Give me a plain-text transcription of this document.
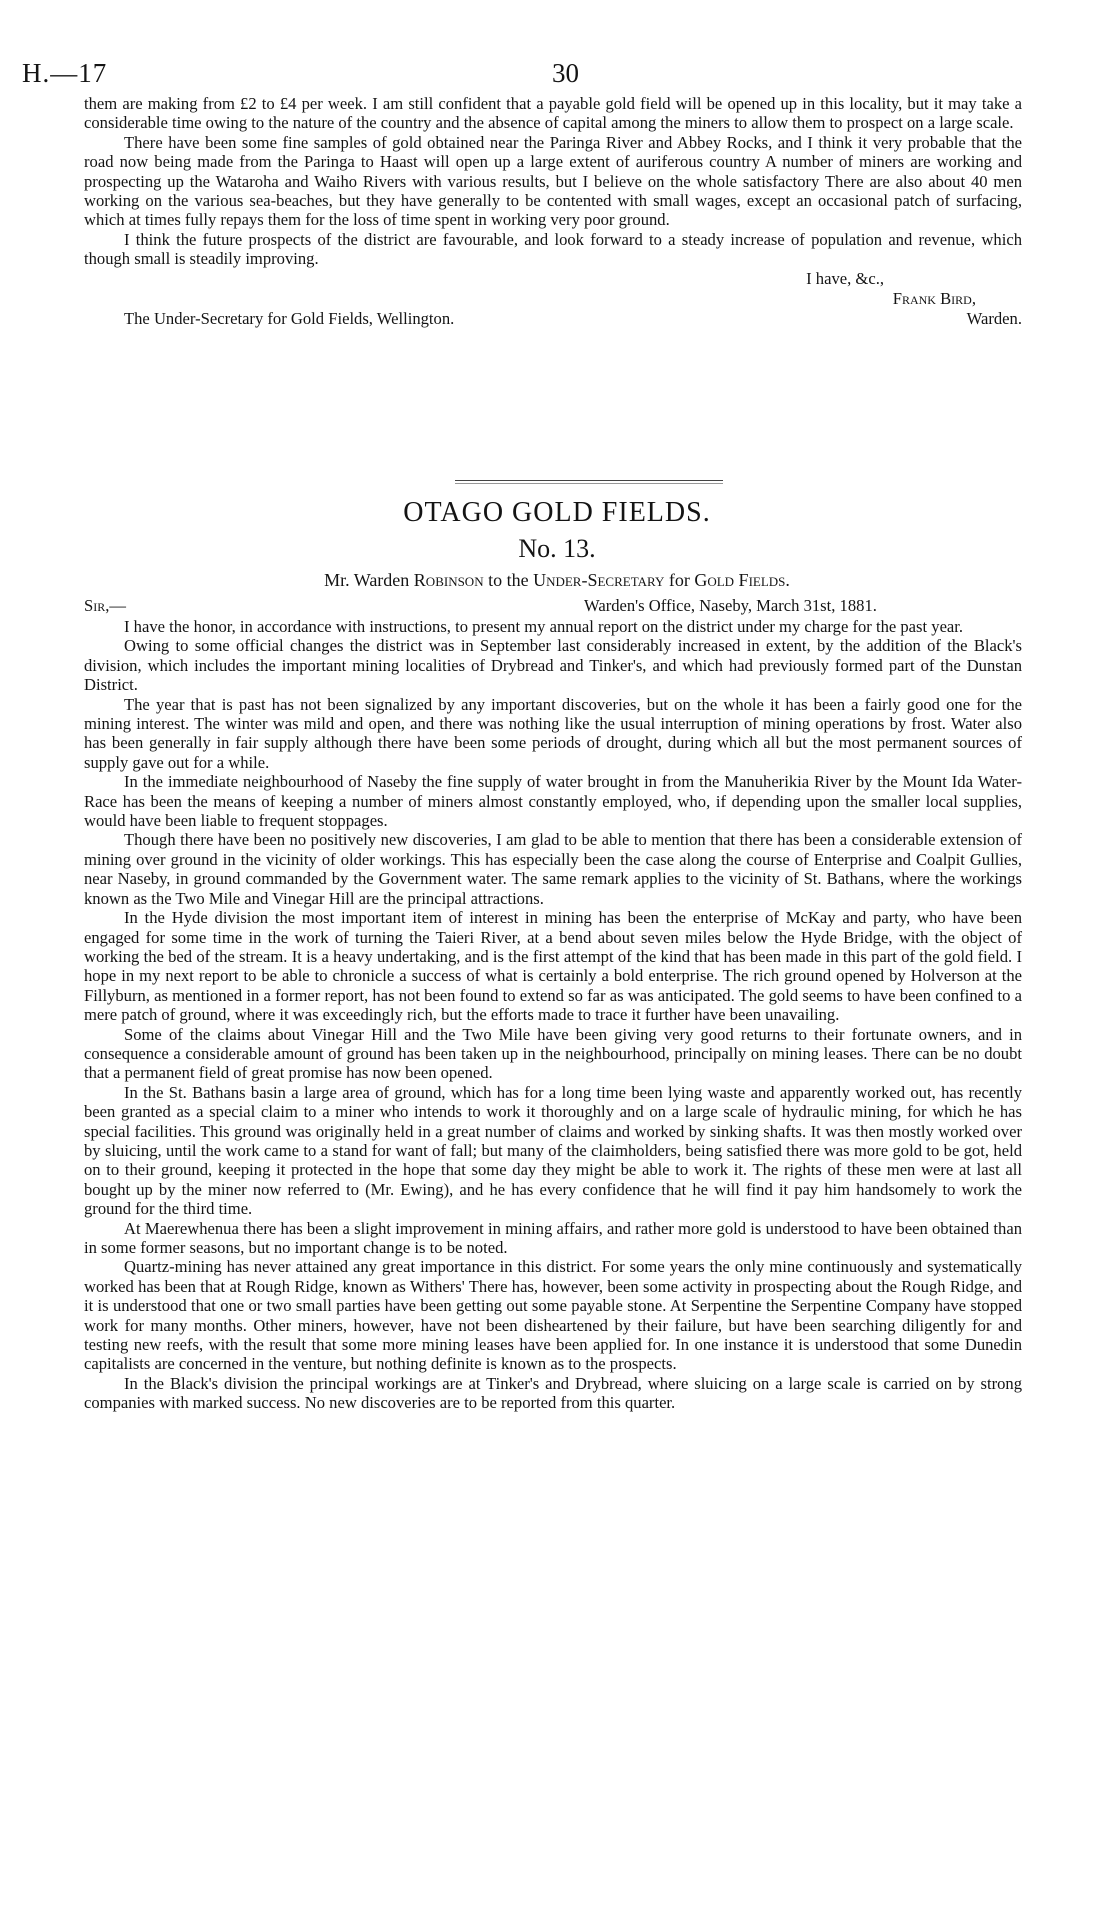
H.—17	30

them are making from £2 to £4 per week. I am still confident that a payable gold field will be opened up in this locality, but it may take a considerable time owing to the nature of the country and the absence of capital among the miners to allow them to prospect on a large scale.

There have been some fine samples of gold obtained near the Paringa River and Abbey Rocks, and I think it very probable that the road now being made from the Paringa to Haast will open up a large extent of auriferous country A number of miners are working and prospecting up the Wataroha and Waiho Rivers with various results, but I believe on the whole satisfactory There are also about 40 men working on the various sea-beaches, but they have generally to be contented with small wages, except an occasional patch of surfacing, which at times fully repays them for the loss of time spent in working very poor ground.

I think the future prospects of the district are favourable, and look forward to a steady increase of population and revenue, which though small is steadily improving.

I have, &c.,
Frank Bird,
The Under-Secretary for Gold Fields, Wellington.	Warden.
OTAGO GOLD FIELDS.
No. 13.
Mr. Warden Robinson to the Under-Secretary for Gold Fields.
Sir,—	Warden's Office, Naseby, March 31st, 1881.

I have the honor, in accordance with instructions, to present my annual report on the district under my charge for the past year.

Owing to some official changes the district was in September last considerably increased in extent, by the addition of the Black's division, which includes the important mining localities of Drybread and Tinker's, and which had previously formed part of the Dunstan District.

The year that is past has not been signalized by any important discoveries, but on the whole it has been a fairly good one for the mining interest. The winter was mild and open, and there was nothing like the usual interruption of mining operations by frost. Water also has been generally in fair supply although there have been some periods of drought, during which all but the most permanent sources of supply gave out for a while.

In the immediate neighbourhood of Naseby the fine supply of water brought in from the Manuherikia River by the Mount Ida Water-Race has been the means of keeping a number of miners almost constantly employed, who, if depending upon the smaller local supplies, would have been liable to frequent stoppages.

Though there have been no positively new discoveries, I am glad to be able to mention that there has been a considerable extension of mining over ground in the vicinity of older workings. This has especially been the case along the course of Enterprise and Coalpit Gullies, near Naseby, in ground commanded by the Government water. The same remark applies to the vicinity of St. Bathans, where the workings known as the Two Mile and Vinegar Hill are the principal attractions.

In the Hyde division the most important item of interest in mining has been the enterprise of McKay and party, who have been engaged for some time in the work of turning the Taieri River, at a bend about seven miles below the Hyde Bridge, with the object of working the bed of the stream. It is a heavy undertaking, and is the first attempt of the kind that has been made in this part of the gold field. I hope in my next report to be able to chronicle a success of what is certainly a bold enterprise. The rich ground opened by Holverson at the Fillyburn, as mentioned in a former report, has not been found to extend so far as was anticipated. The gold seems to have been confined to a mere patch of ground, where it was exceedingly rich, but the efforts made to trace it further have been unavailing.

Some of the claims about Vinegar Hill and the Two Mile have been giving very good returns to their fortunate owners, and in consequence a considerable amount of ground has been taken up in the neighbourhood, principally on mining leases. There can be no doubt that a permanent field of great promise has now been opened.

In the St. Bathans basin a large area of ground, which has for a long time been lying waste and apparently worked out, has recently been granted as a special claim to a miner who intends to work it thoroughly and on a large scale of hydraulic mining, for which he has special facilities. This ground was originally held in a great number of claims and worked by sinking shafts. It was then mostly worked over by sluicing, until the work came to a stand for want of fall; but many of the claimholders, being satisfied there was more gold to be got, held on to their ground, keeping it protected in the hope that some day they might be able to work it. The rights of these men were at last all bought up by the miner now referred to (Mr. Ewing), and he has every confidence that he will find it pay him handsomely to work the ground for the third time.

At Maerewhenua there has been a slight improvement in mining affairs, and rather more gold is understood to have been obtained than in some former seasons, but no important change is to be noted.

Quartz-mining has never attained any great importance in this district. For some years the only mine continuously and systematically worked has been that at Rough Ridge, known as Withers' There has, however, been some activity in prospecting about the Rough Ridge, and it is understood that one or two small parties have been getting out some payable stone. At Serpentine the Serpentine Company have stopped work for many months. Other miners, however, have not been disheartened by their failure, but have been searching diligently for and testing new reefs, with the result that some more mining leases have been applied for. In one instance it is understood that some Dunedin capitalists are concerned in the venture, but nothing definite is known as to the prospects.

In the Black's division the principal workings are at Tinker's and Drybread, where sluicing on a large scale is carried on by strong companies with marked success. No new discoveries are to be reported from this quarter.
